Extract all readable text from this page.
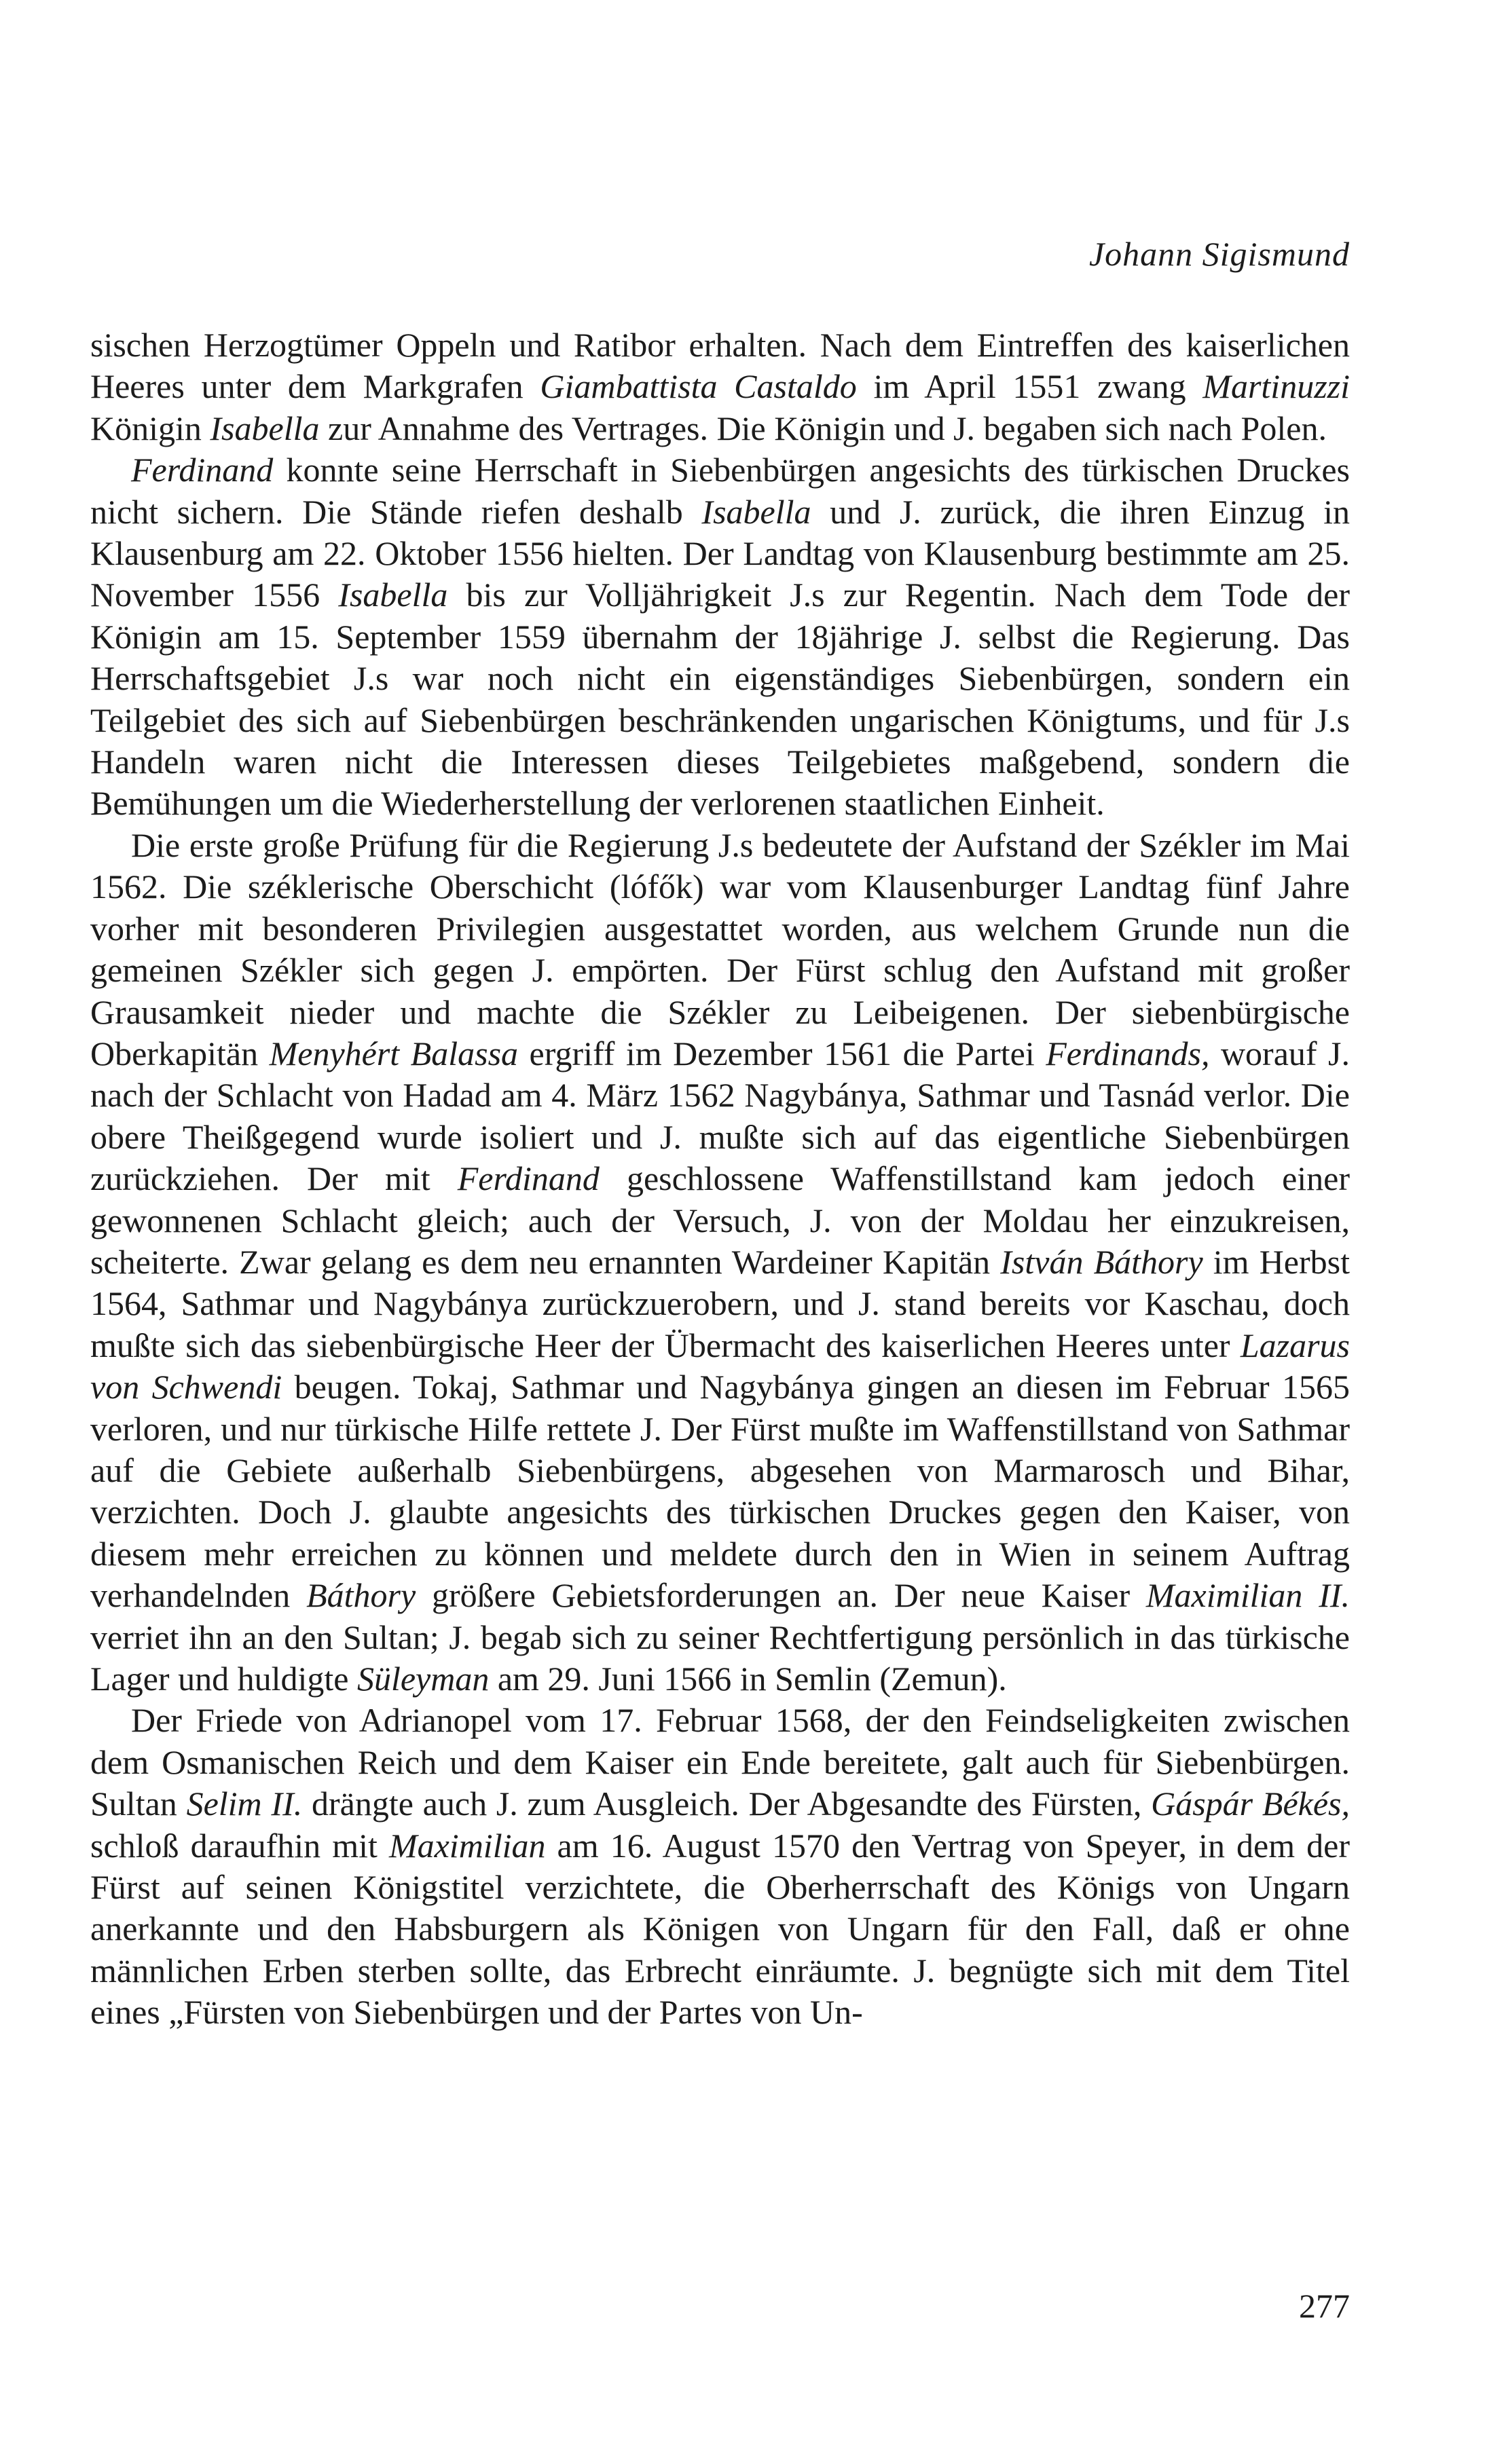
Johann Sigismund

sischen Herzogtümer Oppeln und Ratibor erhalten. Nach dem Eintreffen des kaiserlichen Heeres unter dem Markgrafen Giambattista Castaldo im April 1551 zwang Martinuzzi Königin Isabella zur Annahme des Vertrages. Die Königin und J. begaben sich nach Polen.

Ferdinand konnte seine Herrschaft in Siebenbürgen angesichts des türkischen Druckes nicht sichern. Die Stände riefen deshalb Isabella und J. zurück, die ihren Einzug in Klausenburg am 22. Oktober 1556 hielten. Der Landtag von Klausenburg bestimmte am 25. November 1556 Isabella bis zur Volljährigkeit J.s zur Regentin. Nach dem Tode der Königin am 15. September 1559 übernahm der 18jährige J. selbst die Regierung. Das Herrschaftsgebiet J.s war noch nicht ein eigenständiges Siebenbürgen, sondern ein Teilgebiet des sich auf Siebenbürgen beschränkenden ungarischen Königtums, und für J.s Handeln waren nicht die Interessen dieses Teilgebietes maßgebend, sondern die Bemühungen um die Wiederherstellung der verlorenen staatlichen Einheit.

Die erste große Prüfung für die Regierung J.s bedeutete der Aufstand der Székler im Mai 1562. Die széklerische Oberschicht (lófők) war vom Klausenburger Landtag fünf Jahre vorher mit besonderen Privilegien ausgestattet worden, aus welchem Grunde nun die gemeinen Székler sich gegen J. empörten. Der Fürst schlug den Aufstand mit großer Grausamkeit nieder und machte die Székler zu Leibeigenen. Der siebenbürgische Oberkapitän Menyhért Balassa ergriff im Dezember 1561 die Partei Ferdinands, worauf J. nach der Schlacht von Hadad am 4. März 1562 Nagybánya, Sathmar und Tasnád verlor. Die obere Theißgegend wurde isoliert und J. mußte sich auf das eigentliche Siebenbürgen zurückziehen. Der mit Ferdinand geschlossene Waffenstillstand kam jedoch einer gewonnenen Schlacht gleich; auch der Versuch, J. von der Moldau her einzukreisen, scheiterte. Zwar gelang es dem neu ernannten Wardeiner Kapitän István Báthory im Herbst 1564, Sathmar und Nagybánya zurückzuerobern, und J. stand bereits vor Kaschau, doch mußte sich das siebenbürgische Heer der Übermacht des kaiserlichen Heeres unter Lazarus von Schwendi beugen. Tokaj, Sathmar und Nagybánya gingen an diesen im Februar 1565 verloren, und nur türkische Hilfe rettete J. Der Fürst mußte im Waffenstillstand von Sathmar auf die Gebiete außerhalb Siebenbürgens, abgesehen von Marmarosch und Bihar, verzichten. Doch J. glaubte angesichts des türkischen Druckes gegen den Kaiser, von diesem mehr erreichen zu können und meldete durch den in Wien in seinem Auftrag verhandelnden Báthory größere Gebietsforderungen an. Der neue Kaiser Maximilian II. verriet ihn an den Sultan; J. begab sich zu seiner Rechtfertigung persönlich in das türkische Lager und huldigte Süleyman am 29. Juni 1566 in Semlin (Zemun).

Der Friede von Adrianopel vom 17. Februar 1568, der den Feindseligkeiten zwischen dem Osmanischen Reich und dem Kaiser ein Ende bereitete, galt auch für Siebenbürgen. Sultan Selim II. drängte auch J. zum Ausgleich. Der Abgesandte des Fürsten, Gáspár Békés, schloß daraufhin mit Maximilian am 16. August 1570 den Vertrag von Speyer, in dem der Fürst auf seinen Königstitel verzichtete, die Oberherrschaft des Königs von Ungarn anerkannte und den Habsburgern als Königen von Ungarn für den Fall, daß er ohne männlichen Erben sterben sollte, das Erbrecht einräumte. J. begnügte sich mit dem Titel eines „Fürsten von Siebenbürgen und der Partes von Un-

277
